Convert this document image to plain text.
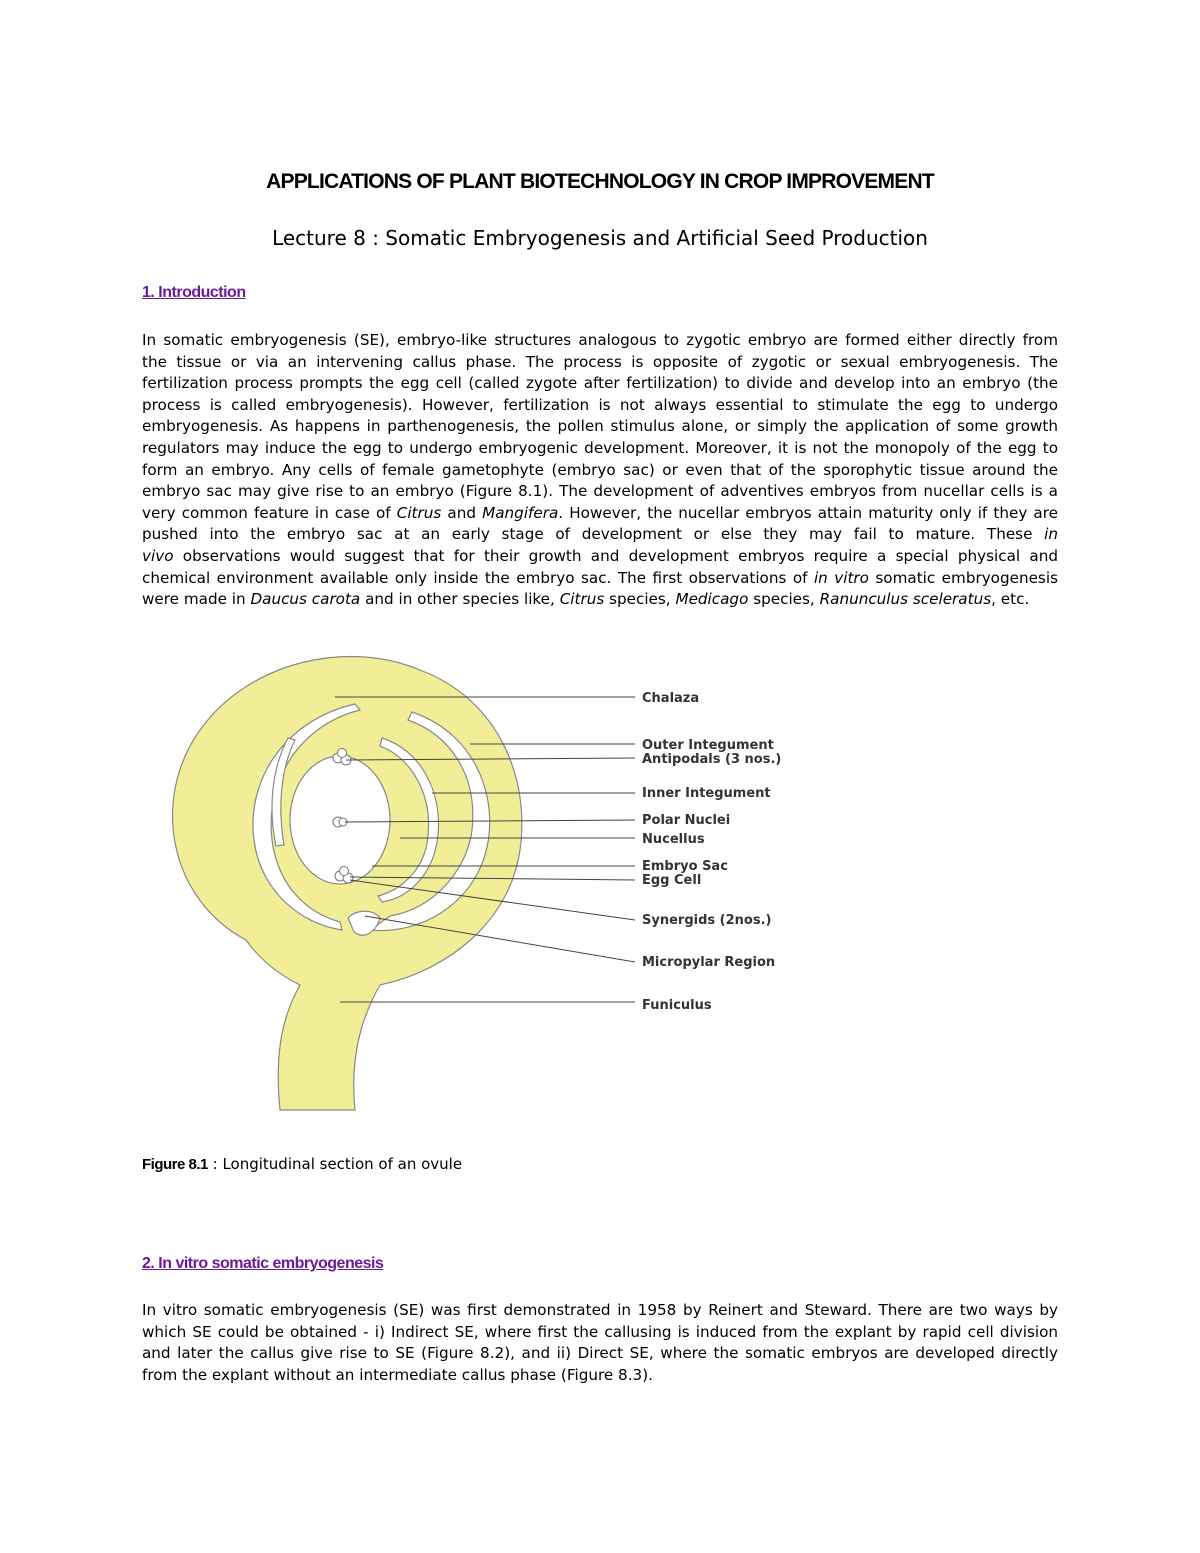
APPLICATIONS OF PLANT BIOTECHNOLOGY IN CROP IMPROVEMENT
Lecture 8 : Somatic Embryogenesis and Artificial Seed Production
1. Introduction
In somatic embryogenesis (SE), embryo-like structures analogous to zygotic embryo are formed either directly from
the tissue or via an intervening callus phase. The process is opposite of zygotic or sexual embryogenesis. The
fertilization process prompts the egg cell (called zygote after fertilization) to divide and develop into an embryo (the
process is called embryogenesis). However, fertilization is not always essential to stimulate the egg to undergo
embryogenesis. As happens in parthenogenesis, the pollen stimulus alone, or simply the application of some growth
regulators may induce the egg to undergo embryogenic development. Moreover, it is not the monopoly of the egg to
form an embryo. Any cells of female gametophyte (embryo sac) or even that of the sporophytic tissue around the
embryo sac may give rise to an embryo (Figure 8.1). The development of adventives embryos from nucellar cells is a
very common feature in case of Citrus and Mangifera. However, the nucellar embryos attain maturity only if they are
pushed into the embryo sac at an early stage of development or else they may fail to mature. These in
vivo observations would suggest that for their growth and development embryos require a special physical and
chemical environment available only inside the embryo sac. The first observations of in vitro somatic embryogenesis
were made in Daucus carota and in other species like, Citrus species, Medicago species, Ranunculus sceleratus, etc.
Chalaza
Outer Integument
Antipodals (3 nos.)
Inner Integument
Polar Nuclei
Nucellus
Embryo Sac
Egg Cell
Synergids (2nos.)
Micropylar Region
Funiculus
Figure 8.1 : Longitudinal section of an ovule
2. In vitro somatic embryogenesis
In vitro somatic embryogenesis (SE) was first demonstrated in 1958 by Reinert and Steward. There are two ways by
which SE could be obtained - i) Indirect SE, where first the callusing is induced from the explant by rapid cell division
and later the callus give rise to SE (Figure 8.2), and ii) Direct SE, where the somatic embryos are developed directly
from the explant without an intermediate callus phase (Figure 8.3).
